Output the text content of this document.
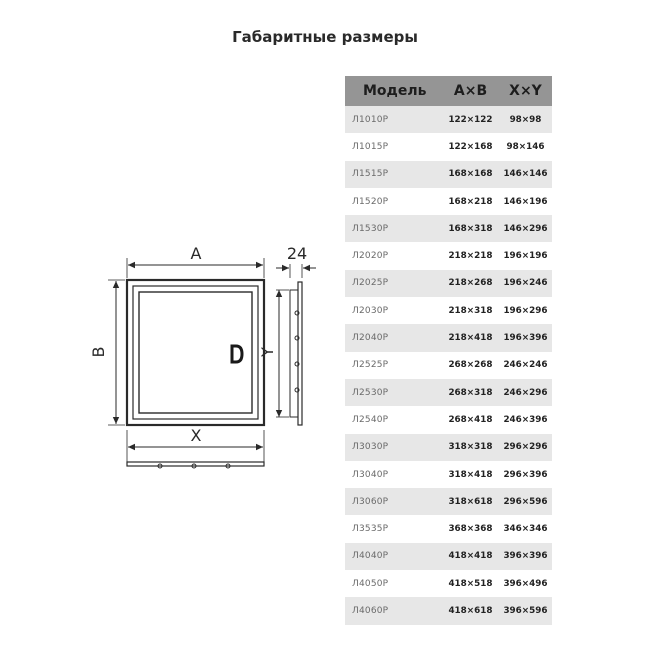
Габаритные размеры
A
B
X
Y
24
Модель	A×B	X×Y
Л1010Р	122×122	98×98
Л1015Р	122×168	98×146
Л1515Р	168×168	146×146
Л1520Р	168×218	146×196
Л1530Р	168×318	146×296
Л2020Р	218×218	196×196
Л2025Р	218×268	196×246
Л2030Р	218×318	196×296
Л2040Р	218×418	196×396
Л2525Р	268×268	246×246
Л2530Р	268×318	246×296
Л2540Р	268×418	246×396
Л3030Р	318×318	296×296
Л3040Р	318×418	296×396
Л3060Р	318×618	296×596
Л3535Р	368×368	346×346
Л4040Р	418×418	396×396
Л4050Р	418×518	396×496
Л4060Р	418×618	396×596
